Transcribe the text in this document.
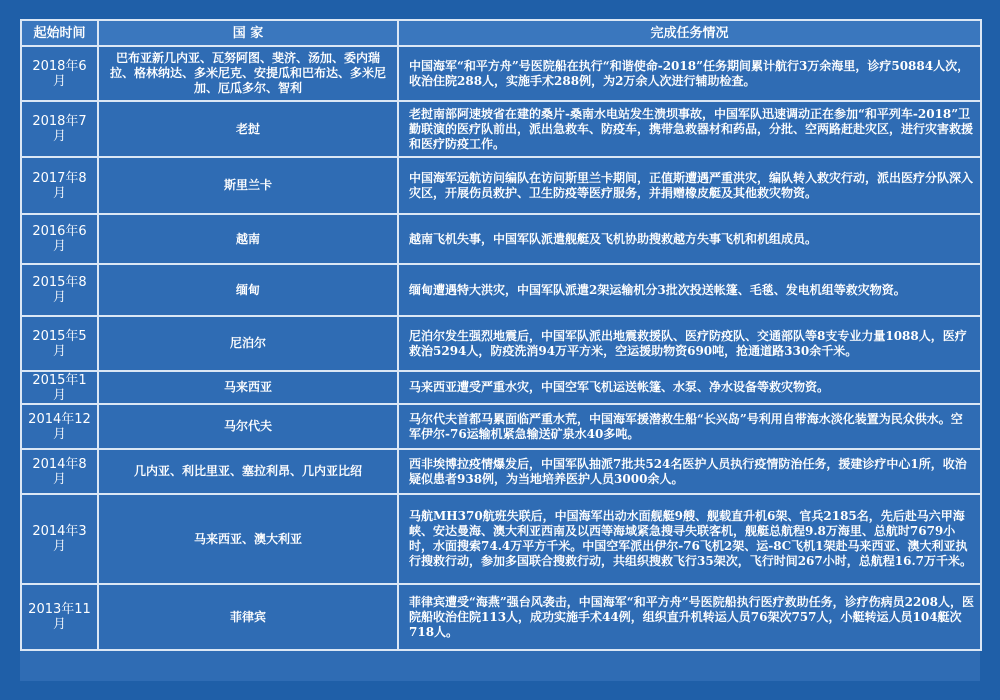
起始时间	国 家	完成任务情况
2018年6月	巴布亚新几内亚、瓦努阿图、斐济、汤加、委内瑞拉、格林纳达、多米尼克、安提瓜和巴布达、多米尼加、厄瓜多尔、智利	中国海军“和平方舟”号医院船在执行“和谐使命-2018”任务期间累计航行3万余海里，诊疗50884人次，收治住院288人，实施手术288例，为2万余人次进行辅助检查。
2018年7月	老挝	老挝南部阿速坡省在建的桑片-桑南水电站发生溃坝事故，中国军队迅速调动正在参加“和平列车-2018”卫勤联演的医疗队前出，派出急救车、防疫车，携带急救器材和药品，分批、空两路赶赴灾区，进行灾害救援和医疗防疫工作。
2017年8月	斯里兰卡	中国海军远航访问编队在访问斯里兰卡期间，正值斯遭遇严重洪灾，编队转入救灾行动，派出医疗分队深入灾区，开展伤员救护、卫生防疫等医疗服务，并捐赠橡皮艇及其他救灾物资。
2016年6月	越南	越南飞机失事，中国军队派遣舰艇及飞机协助搜救越方失事飞机和机组成员。
2015年8月	缅甸	缅甸遭遇特大洪灾，中国军队派遣2架运输机分3批次投送帐篷、毛毯、发电机组等救灾物资。
2015年5月	尼泊尔	尼泊尔发生强烈地震后，中国军队派出地震救援队、医疗防疫队、交通部队等8支专业力量1088人，医疗救治5294人，防疫洗消94万平方米，空运援助物资690吨，抢通道路330余千米。
2015年1月	马来西亚	马来西亚遭受严重水灾，中国空军飞机运送帐篷、水泵、净水设备等救灾物资。
2014年12月	马尔代夫	马尔代夫首都马累面临严重水荒，中国海军援潜救生船“长兴岛”号利用自带海水淡化装置为民众供水。空军伊尔-76运输机紧急输送矿泉水40多吨。
2014年8月	几内亚、利比里亚、塞拉利昂、几内亚比绍	西非埃博拉疫情爆发后，中国军队抽派7批共524名医护人员执行疫情防治任务，援建诊疗中心1所，收治疑似患者938例，为当地培养医护人员3000余人。
2014年3月	马来西亚、澳大利亚	马航MH370航班失联后，中国海军出动水面舰艇9艘、舰载直升机6架、官兵2185名，先后赴马六甲海峡、安达曼海、澳大利亚西南及以西等海域紧急搜寻失联客机，舰艇总航程9.8万海里、总航时7679小时，水面搜索74.4万平方千米。中国空军派出伊尔-76飞机2架、运-8C飞机1架赴马来西亚、澳大利亚执行搜救行动，参加多国联合搜救行动，共组织搜救飞行35架次，飞行时间267小时，总航程16.7万千米。
2013年11月	菲律宾	菲律宾遭受“海燕”强台风袭击，中国海军“和平方舟”号医院船执行医疗救助任务，诊疗伤病员2208人，医院船收治住院113人，成功实施手术44例，组织直升机转运人员76架次757人，小艇转运人员104艇次718人。
